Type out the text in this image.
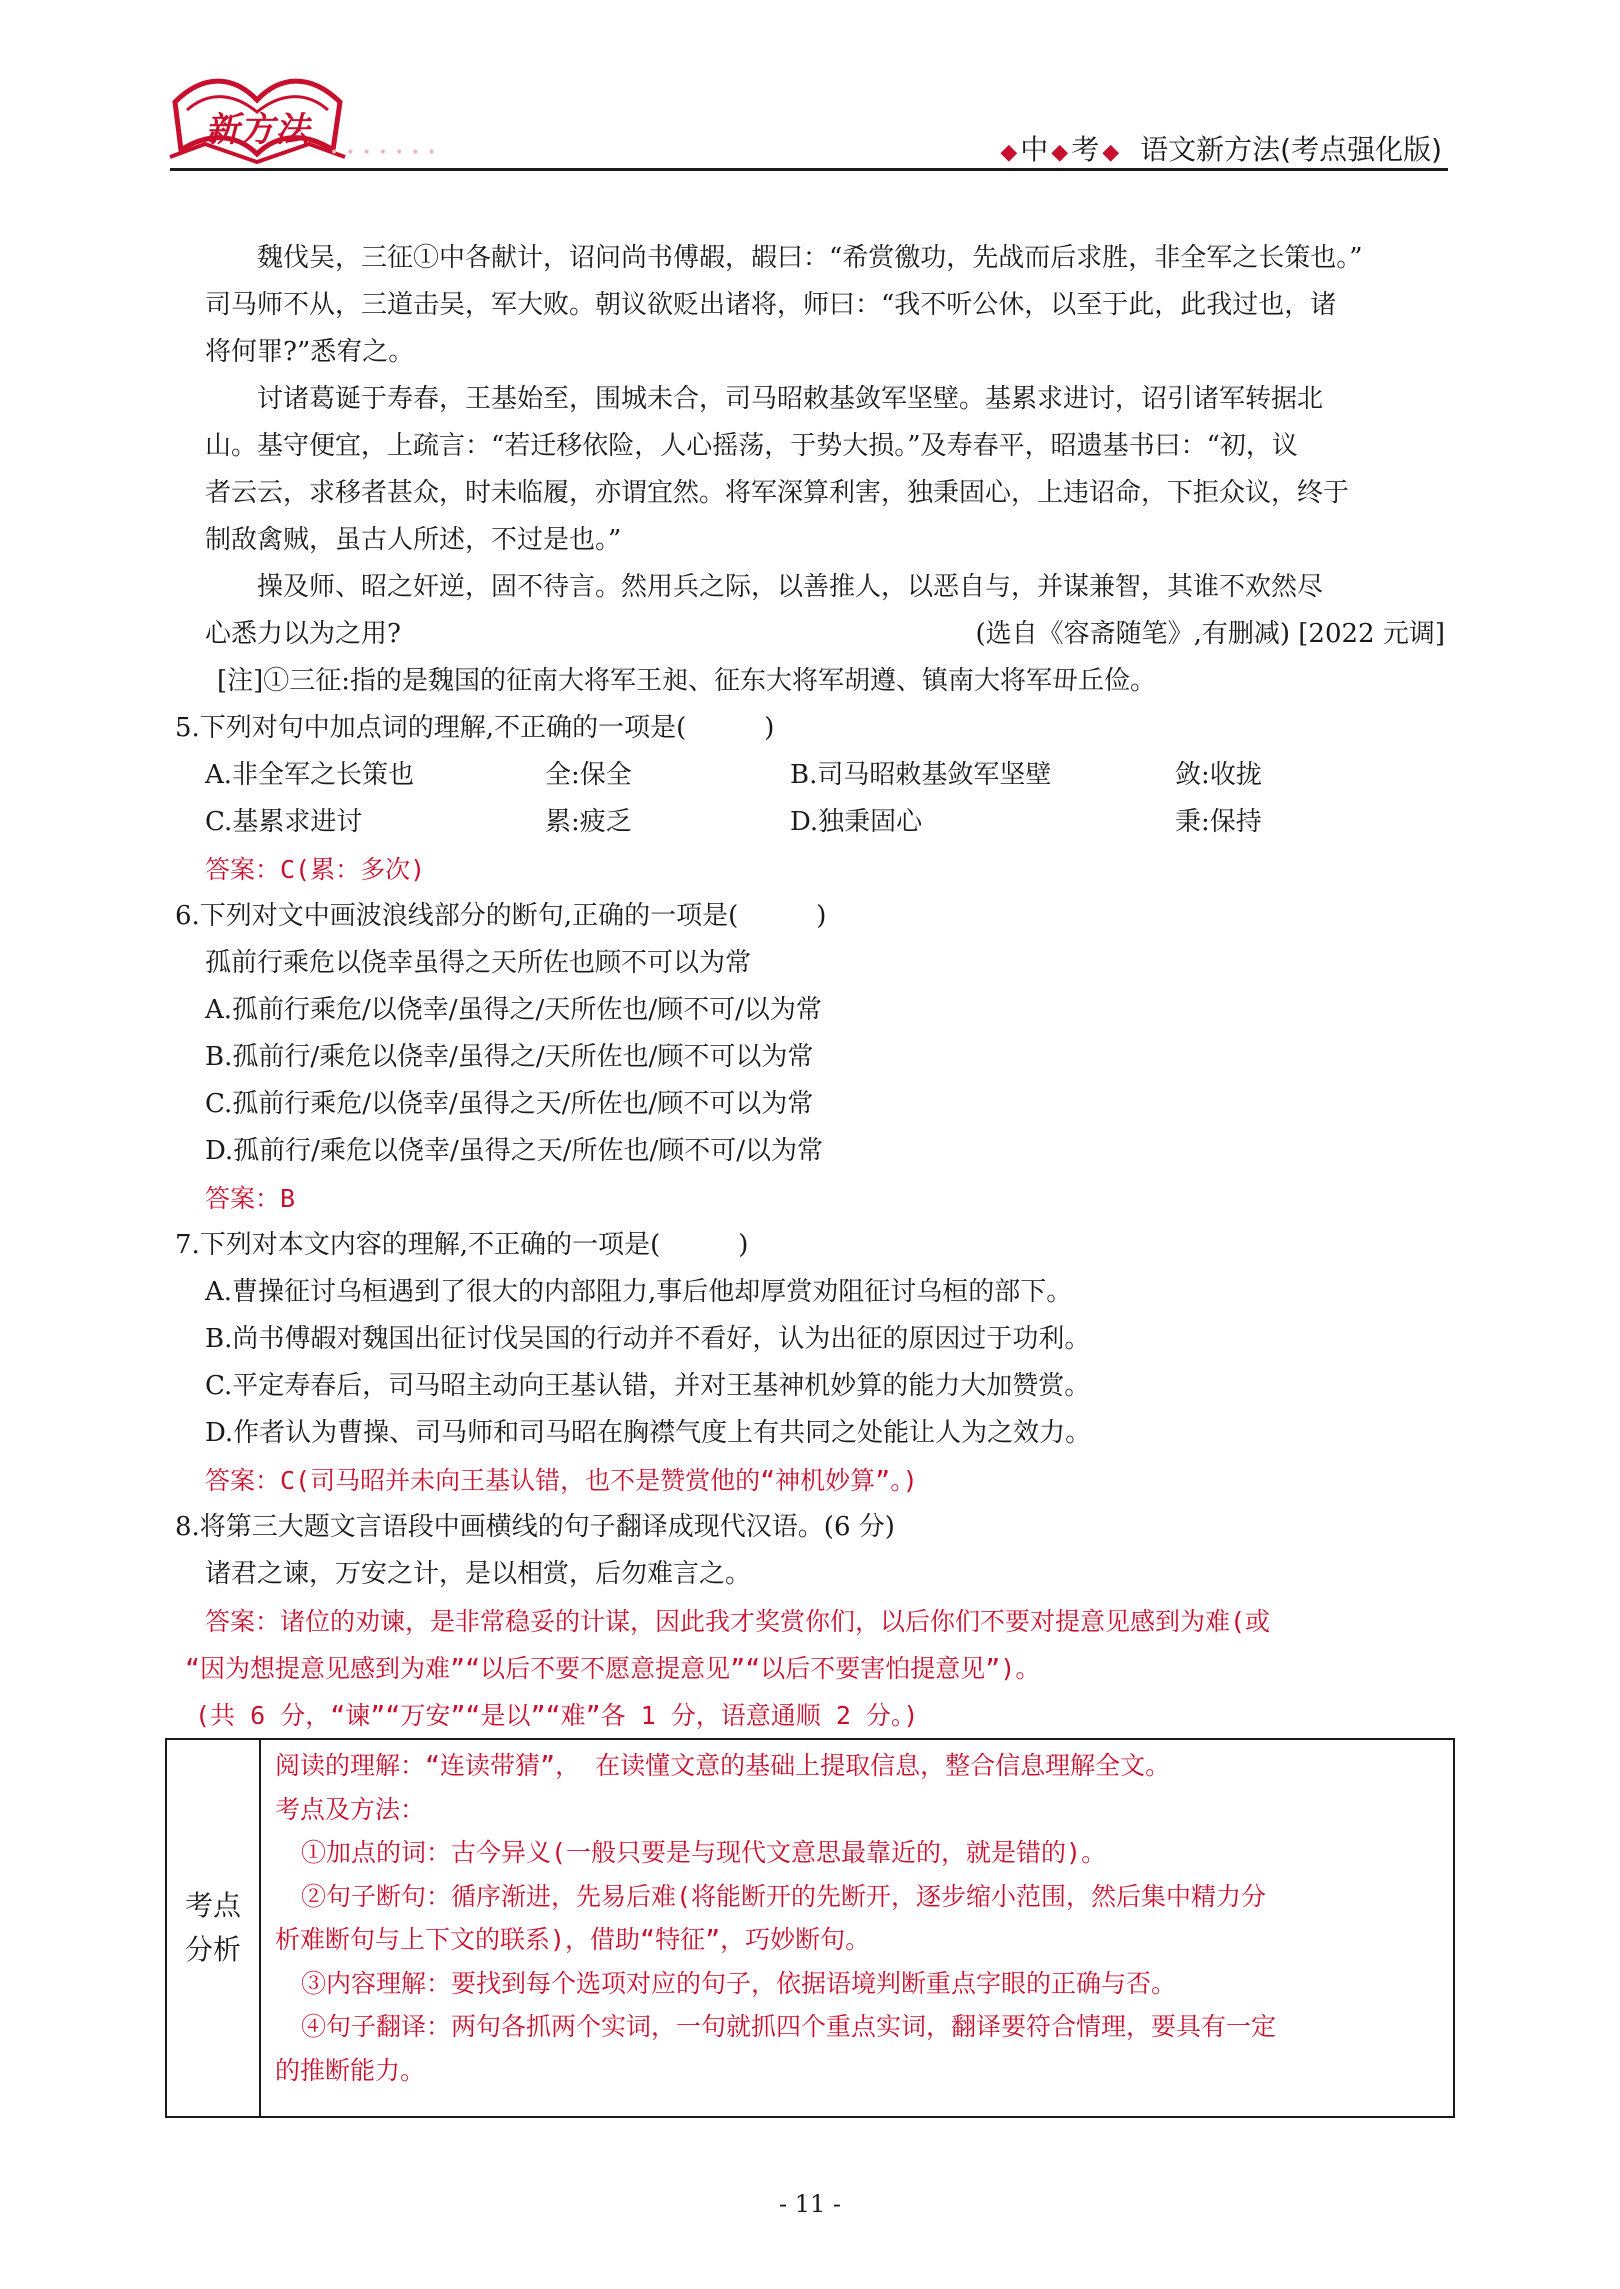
新方法
•••••••	◆ 中 ◆ 考 ◆ 语文新方法(考点强化版)

魏伐吴，三征①中各献计，诏问尚书傅嘏，嘏曰：“希赏徼功，先战而后求胜，非全军之长策也。”

司马师不从，三道击吴，军大败。朝议欲贬出诸将，师曰：“我不听公休，以至于此，此我过也，诸

将何罪?”悉宥之。

讨诸葛诞于寿春，王基始至，围城未合，司马昭敕基敛军坚壁。基累求进讨，诏引诸军转据北

山。基守便宜，上疏言：“若迁移依险，人心摇荡，于势大损。”及寿春平，昭遗基书曰：“初，议

者云云，求移者甚众，时未临履，亦谓宜然。将军深算利害，独秉固心，上违诏命，下拒众议，终于

制敌禽贼，虽古人所述，不过是也。”

操及师、昭之奸逆，固不待言。然用兵之际，以善推人，以恶自与，并谋兼智，其谁不欢然尽

心悉力以为之用?	(选自《容斋随笔》,有删减) [2022 元调]

[注]①三征:指的是魏国的征南大将军王昶、征东大将军胡遵、镇南大将军毌丘俭。

5.下列对句中加点词的理解,不正确的一项是(　　　)

A.非全军之长策也	全:保全	B.司马昭敕基敛军坚壁	敛:收拢
C.基累求进讨	累:疲乏	D.独秉固心	秉:保持

答案：C(累：多次)

6.下列对文中画波浪线部分的断句,正确的一项是(　　　)

孤前行乘危以侥幸虽得之天所佐也顾不可以为常

A.孤前行乘危/以侥幸/虽得之/天所佐也/顾不可/以为常

B.孤前行/乘危以侥幸/虽得之/天所佐也/顾不可以为常

C.孤前行乘危/以侥幸/虽得之天/所佐也/顾不可以为常

D.孤前行/乘危以侥幸/虽得之天/所佐也/顾不可/以为常

答案：B

7.下列对本文内容的理解,不正确的一项是(　　　)

A.曹操征讨乌桓遇到了很大的内部阻力,事后他却厚赏劝阻征讨乌桓的部下。

B.尚书傅嘏对魏国出征讨伐吴国的行动并不看好，认为出征的原因过于功利。

C.平定寿春后，司马昭主动向王基认错，并对王基神机妙算的能力大加赞赏。

D.作者认为曹操、司马师和司马昭在胸襟气度上有共同之处能让人为之效力。

答案：C(司马昭并未向王基认错，也不是赞赏他的“神机妙算”。)

8.将第三大题文言语段中画横线的句子翻译成现代汉语。(6 分)

诸君之谏，万安之计，是以相赏，后勿难言之。

答案：诸位的劝谏，是非常稳妥的计谋，因此我才奖赏你们，以后你们不要对提意见感到为难(或

“因为想提意见感到为难”“以后不要不愿意提意见”“以后不要害怕提意见”)。

(共 6 分，“谏”“万安”“是以”“难”各 1 分，语意通顺 2 分。)

考点
分析

阅读的理解：“连读带猜”， 在读懂文意的基础上提取信息，整合信息理解全文。

考点及方法：

①加点的词：古今异义(一般只要是与现代文意思最靠近的，就是错的)。

②句子断句：循序渐进，先易后难(将能断开的先断开，逐步缩小范围，然后集中精力分

析难断句与上下文的联系)，借助“特征”，巧妙断句。

③内容理解：要找到每个选项对应的句子，依据语境判断重点字眼的正确与否。

④句子翻译：两句各抓两个实词，一句就抓四个重点实词，翻译要符合情理，要具有一定

的推断能力。

- 11 -
